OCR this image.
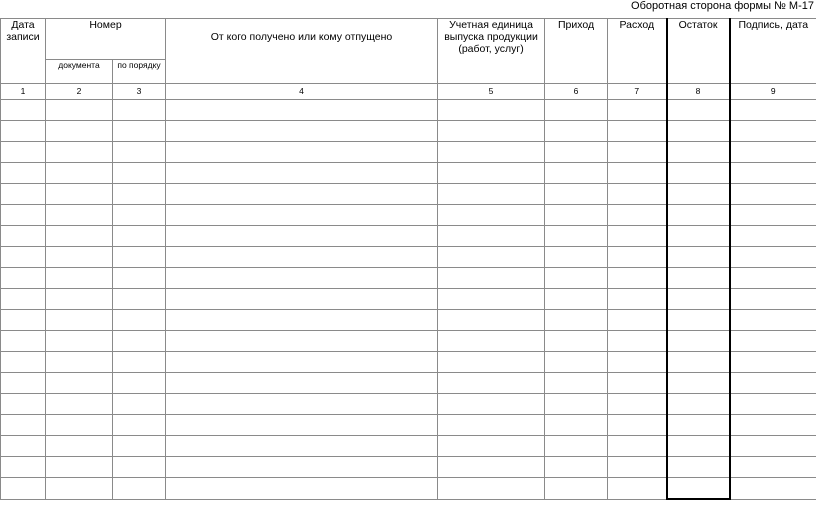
Оборотная сторона формы № М-17
Дата записи	Номер		От кого получено или кому отпущено	Учетная единица выпуска продукции (работ, услуг)	Приход	Расход	Остаток	Подпись, дата
	документа	по порядку						
1	2	3	4	5	6	7	8	9
